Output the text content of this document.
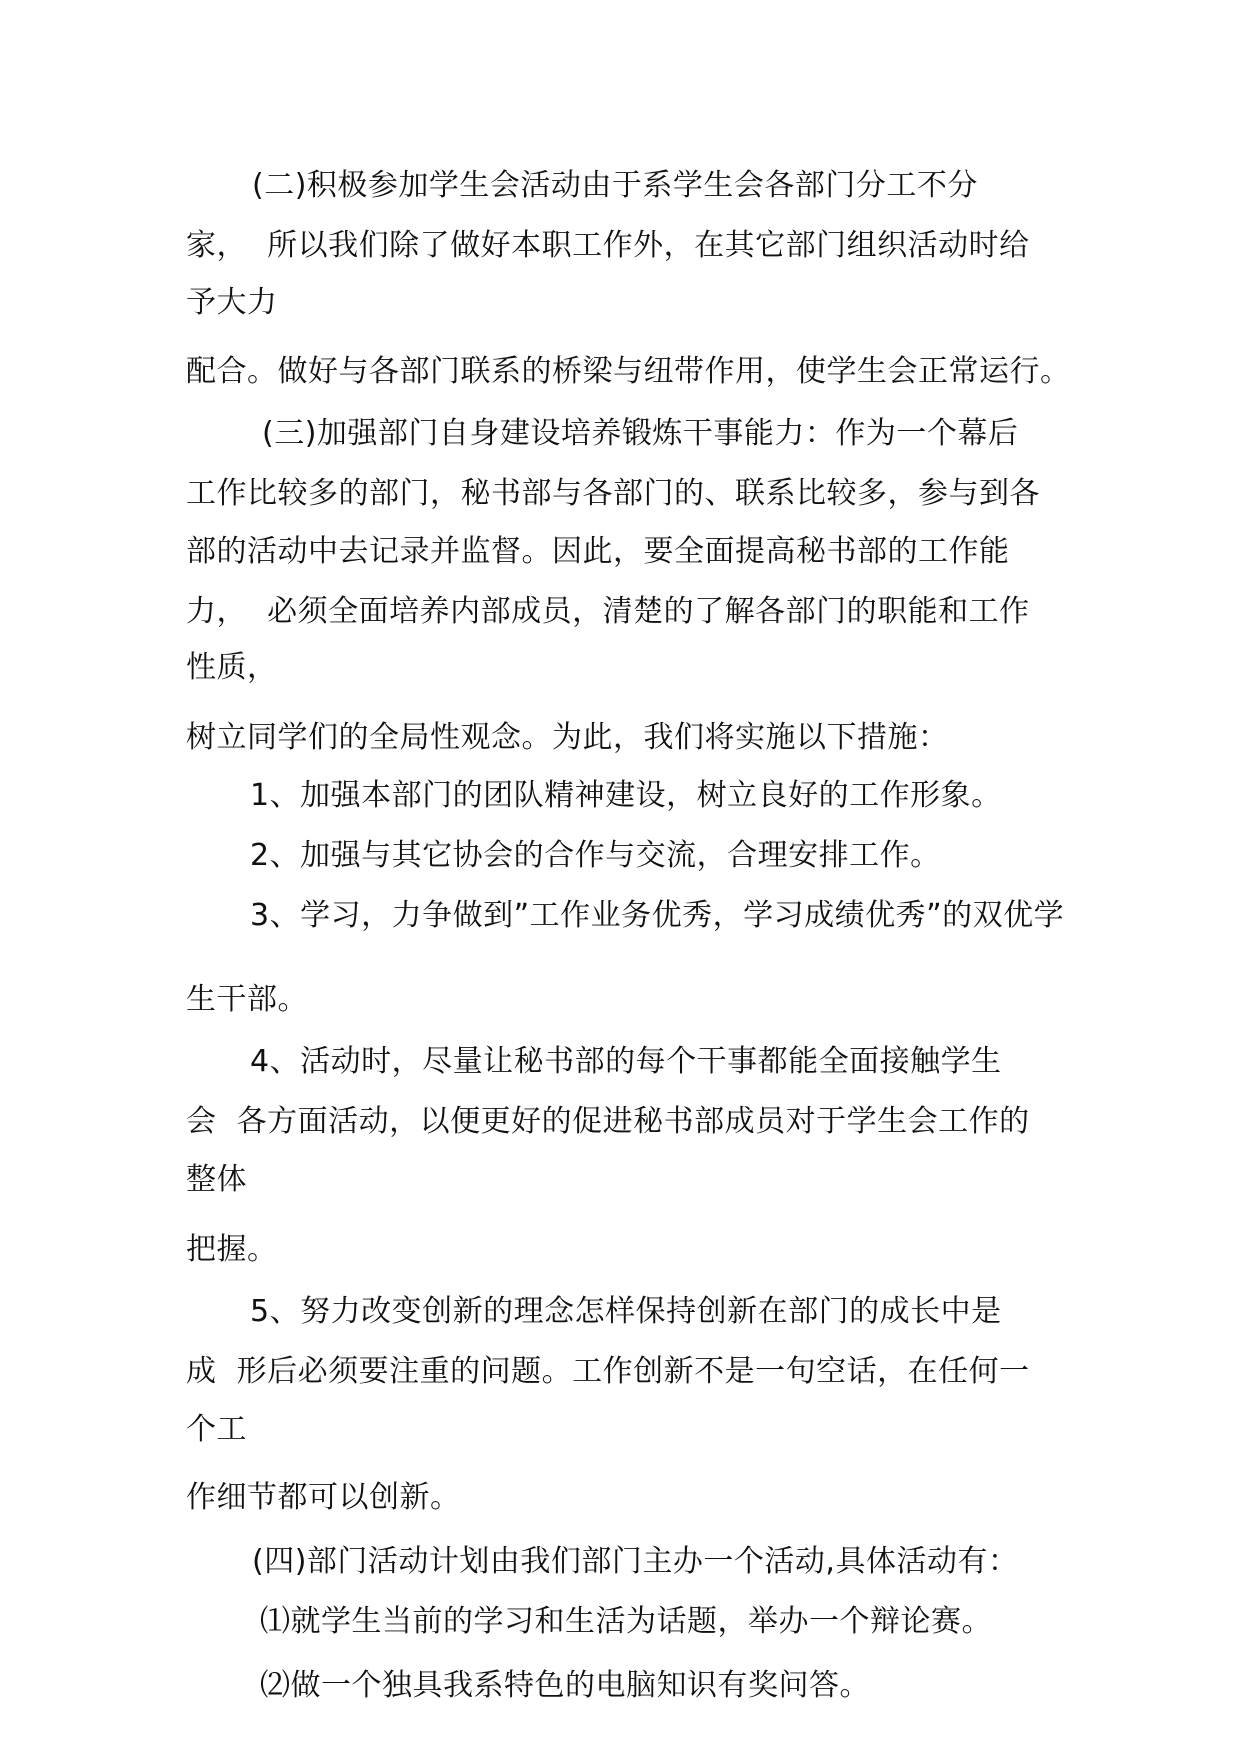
(二)积极参加学生会活动由于系学生会各部门分工不分
家，  所以我们除了做好本职工作外，在其它部门组织活动时给
予大力
配合。做好与各部门联系的桥梁与纽带作用，使学生会正常运行。
(三)加强部门自身建设培养锻炼干事能力：作为一个幕后
工作比较多的部门，秘书部与各部门的、联系比较多，参与到各
部的活动中去记录并监督。因此，要全面提高秘书部的工作能
力，  必须全面培养内部成员，清楚的了解各部门的职能和工作
性质，
树立同学们的全局性观念。为此，我们将实施以下措施：
1、加强本部门的团队精神建设，树立良好的工作形象。
2、加强与其它协会的合作与交流，合理安排工作。
3、学习，力争做到”工作业务优秀，学习成绩优秀”的双优学
生干部。
4、活动时，尽量让秘书部的每个干事都能全面接触学生
会  各方面活动，以便更好的促进秘书部成员对于学生会工作的
整体
把握。
5、努力改变创新的理念怎样保持创新在部门的成长中是
成  形后必须要注重的问题。工作创新不是一句空话，在任何一
个工
作细节都可以创新。
(四)部门活动计划由我们部门主办一个活动,具体活动有：
⑴就学生当前的学习和生活为话题，举办一个辩论赛。
⑵做一个独具我系特色的电脑知识有奖问答。
